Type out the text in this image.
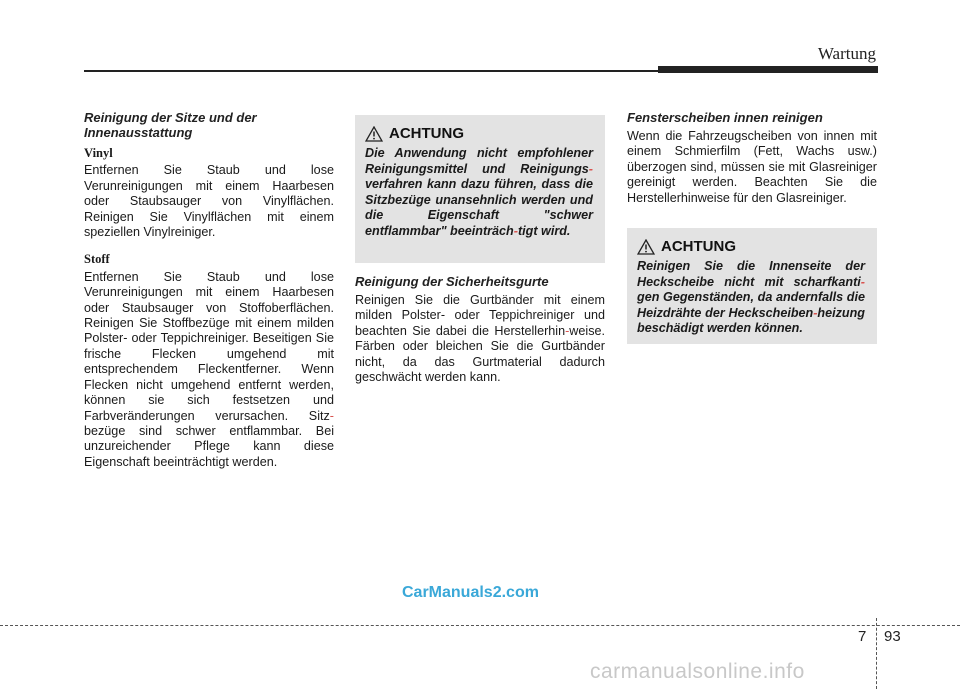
Wartung

Reinigung der Sitze und der Innenausstattung

Vinyl

Entfernen Sie Staub und lose Verunreinigungen mit einem Haarbesen oder Staubsauger von Vinylflächen. Reinigen Sie Vinylflächen mit einem speziellen Vinylreiniger.

Stoff

Entfernen Sie Staub und lose Verunreinigungen mit einem Haarbesen oder Staubsauger von Stoffoberflächen. Reinigen Sie Stoffbezüge mit einem milden Polster- oder Teppichreiniger. Beseitigen Sie frische Flecken umgehend mit entsprechendem Fleckentferner. Wenn Flecken nicht umgehend entfernt werden, können sie sich festsetzen und Farbveränderungen verursachen. Sitz-bezüge sind schwer entflammbar. Bei unzureichender Pflege kann diese Eigenschaft beeinträchtigt werden.

ACHTUNG

Die Anwendung nicht empfohlener Reinigungsmittel und Reinigungs-verfahren kann dazu führen, dass die Sitzbezüge unansehnlich werden und die Eigenschaft "schwer entflammbar" beeinträch-tigt wird.

Reinigung der Sicherheitsgurte

Reinigen Sie die Gurtbänder mit einem milden Polster- oder Teppichreiniger und beachten Sie dabei die Herstellerhin-weise. Färben oder bleichen Sie die Gurtbänder nicht, da das Gurtmaterial dadurch geschwächt werden kann.

Fensterscheiben innen reinigen

Wenn die Fahrzeugscheiben von innen mit einem Schmierfilm (Fett, Wachs usw.) überzogen sind, müssen sie mit Glasreiniger gereinigt werden. Beachten Sie die Herstellerhinweise für den Glasreiniger.

ACHTUNG

Reinigen Sie die Innenseite der Heckscheibe nicht mit scharfkanti-gen Gegenständen, da andernfalls die Heizdrähte der Heckscheiben-heizung beschädigt werden können.

CarManuals2.com
7 93
carmanualsonline.info
